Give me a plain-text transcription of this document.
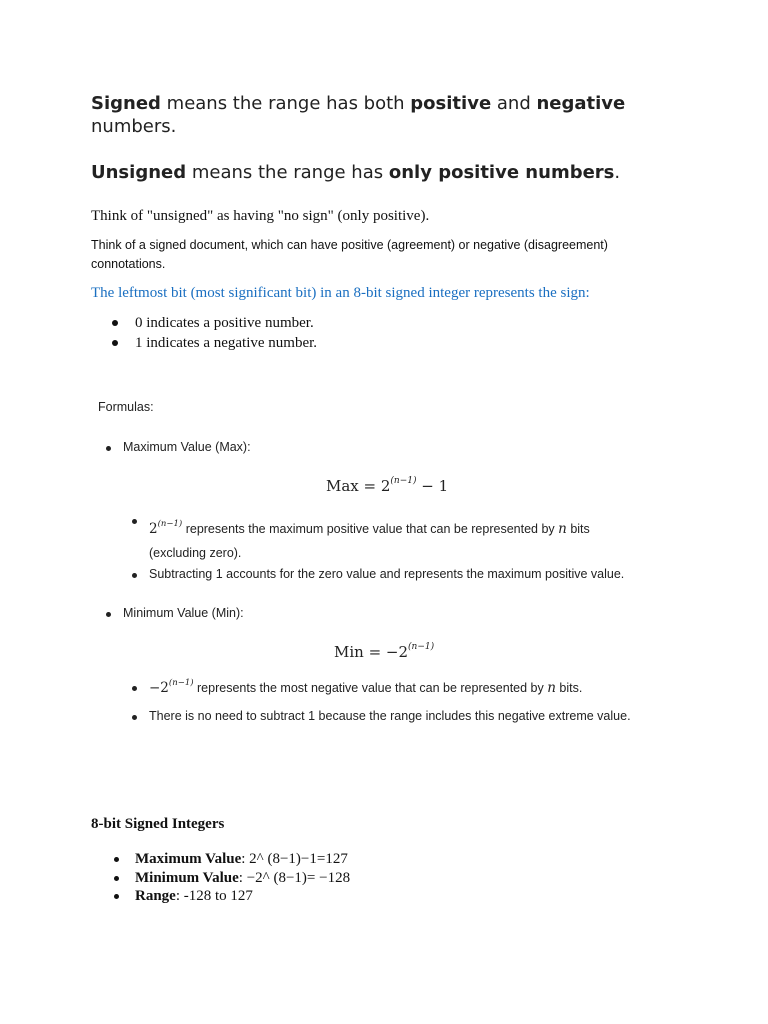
Signed means the range has both positive and negative
numbers.
Unsigned means the range has only positive numbers.
Think of "unsigned" as having "no sign" (only positive).
Think of a signed document, which can have positive (agreement) or negative (disagreement) connotations.
The leftmost bit (most significant bit) in an 8-bit signed integer represents the sign:
0 indicates a positive number.
1 indicates a negative number.
Formulas:
Maximum Value (Max):
Max = $2^{(n-1)} - 1$
$2^{(n-1)}$ represents the maximum positive value that can be represented by n bits (excluding zero).
Subtracting 1 accounts for the zero value and represents the maximum positive value.
Minimum Value (Min):
Min = $-2^{(n-1)}$
$-2^{(n-1)}$ represents the most negative value that can be represented by n bits.
There is no need to subtract 1 because the range includes this negative extreme value.
8-bit Signed Integers
Maximum Value: 2^ (8−1)−1=127
Minimum Value: −2^ (8−1)= −128
Range: -128 to 127
